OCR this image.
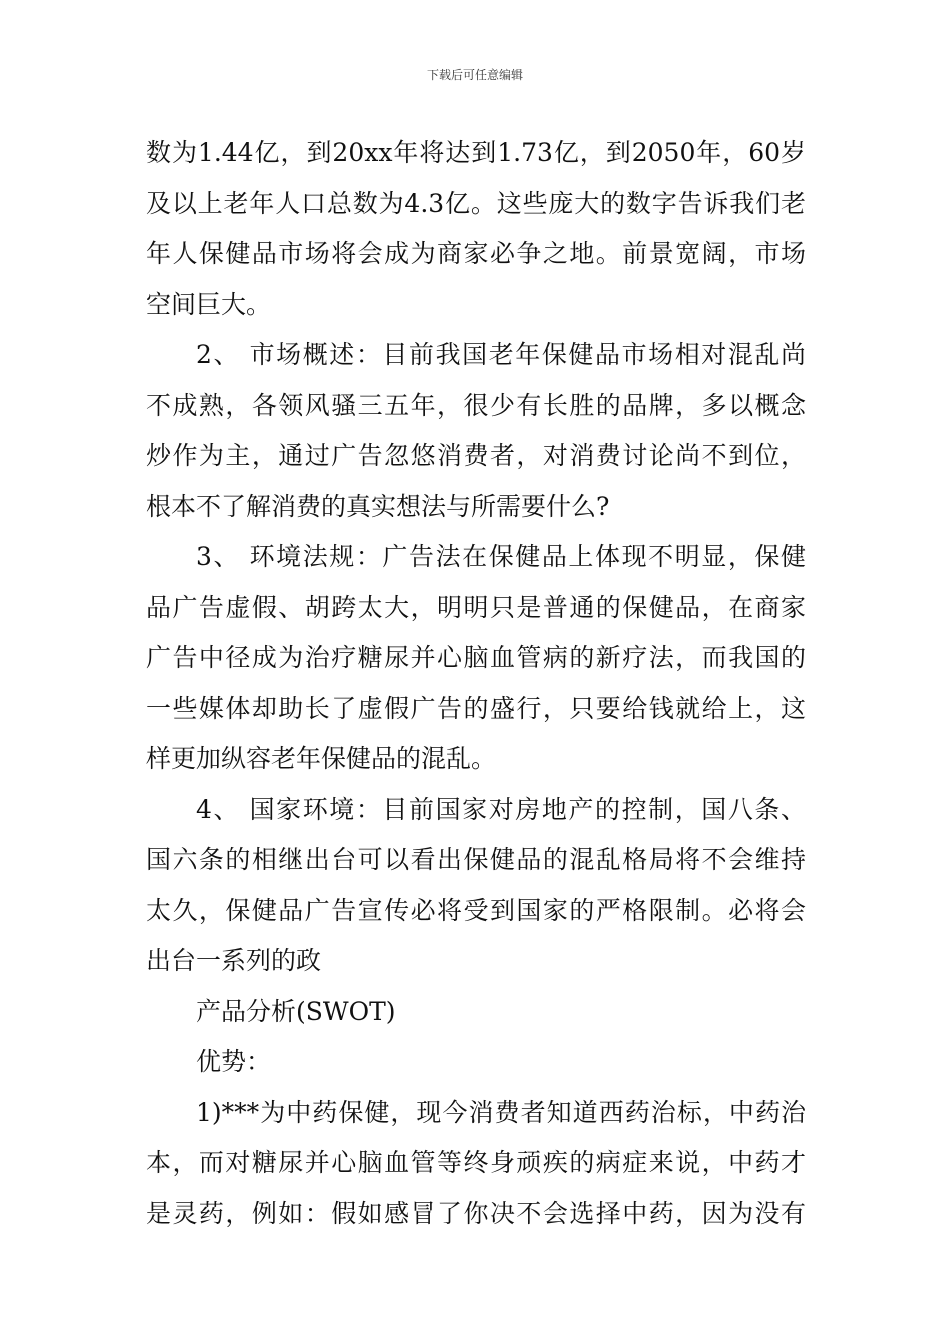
下载后可任意编辑
数为1.44亿，到20xx年将达到1.73亿，到2050年，60岁
及以上老年人口总数为4.3亿。这些庞大的数字告诉我们老
年人保健品市场将会成为商家必争之地。前景宽阔，市场
空间巨大。
2、 市场概述：目前我国老年保健品市场相对混乱尚
不成熟，各领风骚三五年，很少有长胜的品牌，多以概念
炒作为主，通过广告忽悠消费者，对消费讨论尚不到位，
根本不了解消费的真实想法与所需要什么?
3、 环境法规：广告法在保健品上体现不明显，保健
品广告虚假、胡跨太大，明明只是普通的保健品，在商家
广告中径成为治疗糖尿并心脑血管病的新疗法，而我国的
一些媒体却助长了虚假广告的盛行，只要给钱就给上，这
样更加纵容老年保健品的混乱。
4、 国家环境：目前国家对房地产的控制，国八条、
国六条的相继出台可以看出保健品的混乱格局将不会维持
太久，保健品广告宣传必将受到国家的严格限制。必将会
出台一系列的政
产品分析(SWOT)
优势：
1)***为中药保健，现今消费者知道西药治标，中药治
本，而对糖尿并心脑血管等终身顽疾的病症来说，中药才
是灵药，例如：假如感冒了你决不会选择中药，因为没有
